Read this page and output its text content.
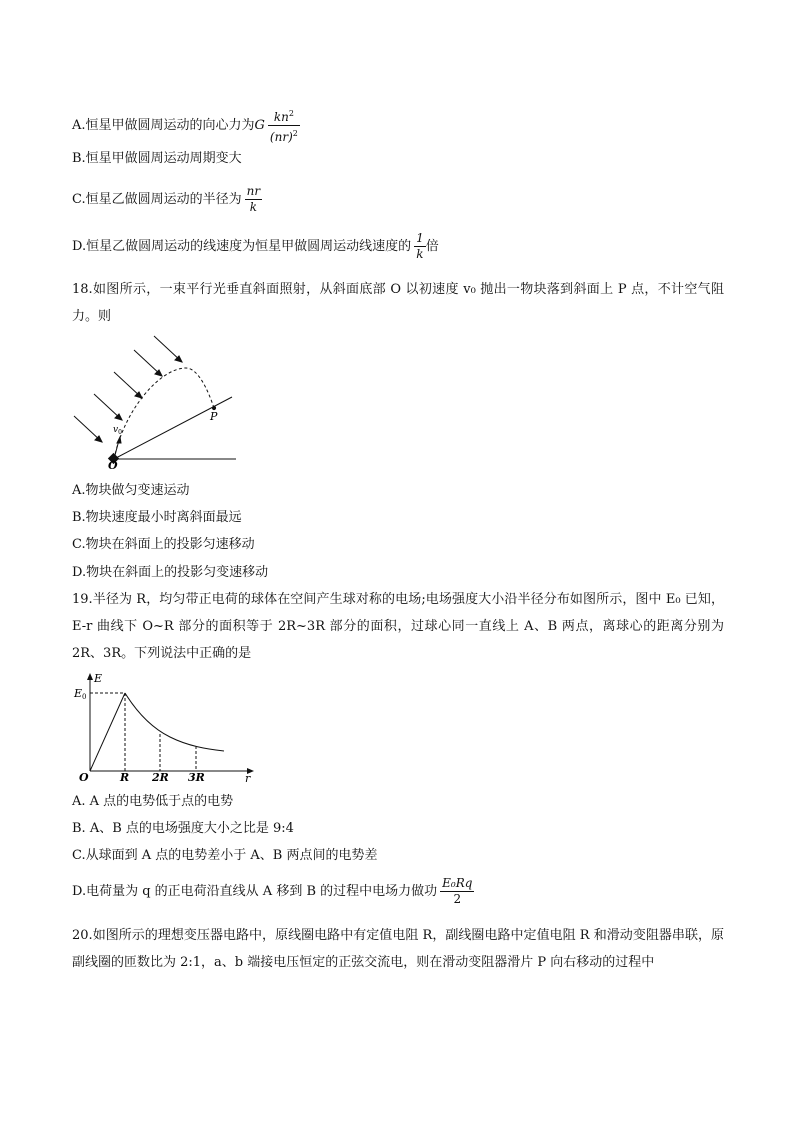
A.恒星甲做圆周运动的向心力为G $\frac{kn^2}{(nr)^2}$
B.恒星甲做圆周运动周期变大
C.恒星乙做圆周运动的半径为 $\frac{nr}{k}$
D.恒星乙做圆周运动的线速度为恒星甲做圆周运动线速度的 $\frac{1}{k}$ 倍
18.如图所示，一束平行光垂直斜面照射，从斜面底部 O 以初速度 v₀ 抛出一物块落到斜面上 P 点，不计空气阻力。则
O
P
$v_0$
A.物块做匀变速运动
B.物块速度最小时离斜面最远
C.物块在斜面上的投影匀速移动
D.物块在斜面上的投影匀变速移动
19.半径为 R，均匀带正电荷的球体在空间产生球对称的电场;电场强度大小沿半径分布如图所示，图中 E₀ 已知， E-r 曲线下 O~R 部分的面积等于 2R~3R 部分的面积，过球心同一直线上 A、B 两点，离球心的距离分别为 2R、3R。下列说法中正确的是
E
r
E0
O	R 2R 3R
A. A 点的电势低于点的电势
B. A、B 点的电场强度大小之比是 9:4
C.从球面到 A 点的电势差小于 A、B 两点间的电势差
D.电荷量为 q 的正电荷沿直线从 A 移到 B 的过程中电场力做功 $\frac{\text{E₀Rq}}{2}$
20.如图所示的理想变压器电路中，原线圈电路中有定值电阻 R，副线圈电路中定值电阻 R 和滑动变阻器串联，原副线圈的匝数比为 2:1，a、b 端接电压恒定的正弦交流电，则在滑动变阻器滑片 P 向右移动的过程中
